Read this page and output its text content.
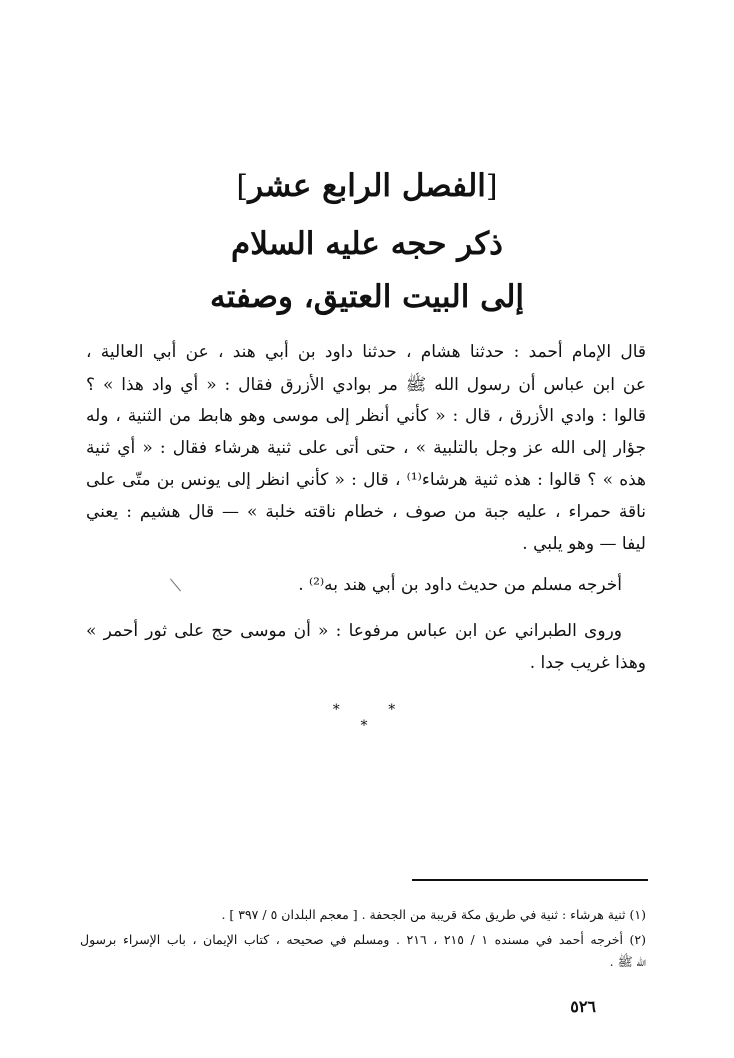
[الفصل الرابع عشر]
ذكر حجه عليه السلام
إلى البيت العتيق، وصفته
قال الإمام أحمد : حدثنا هشام ، حدثنا داود بن أبي هند ، عن أبي العالية ،
عن ابن عباس أن رسول الله ﷺ مر بوادي الأزرق فقال : « أي واد هذا » ؟
قالوا : وادي الأزرق ، قال : « كأني أنظر إلى موسى وهو هابط من الثنية ، وله
جؤار إلى الله عز وجل بالتلبية » ، حتى أتى على ثنية هرشاء فقال : « أي ثنية
هذه » ؟ قالوا : هذه ثنية هرشاء⁽¹⁾ ، قال : « كأني انظر إلى يونس بن متّى على
ناقة حمراء ، عليه جبة من صوف ، خطام ناقته خلبة » — قال هشيم : يعني
ليفا — وهو يلبي .
أخرجه مسلم من حديث داود بن أبي هند به⁽²⁾ .
وروى الطبراني عن ابن عباس مرفوعا : « أن موسى حج على ثور أحمر »
وهذا غريب جدا .
* * *
(١) ثنية هرشاء : ثنية في طريق مكة قريبة من الجحفة . [ معجم البلدان ٥ / ٣٩٧ ] .
(٢) أخرجه أحمد في مسنده ١ / ٢١٥ ، ٢١٦ . ومسلم في صحيحه ، كتاب الإيمان ، باب الإسراء برسول
الله ﷺ .
٥٢٦
